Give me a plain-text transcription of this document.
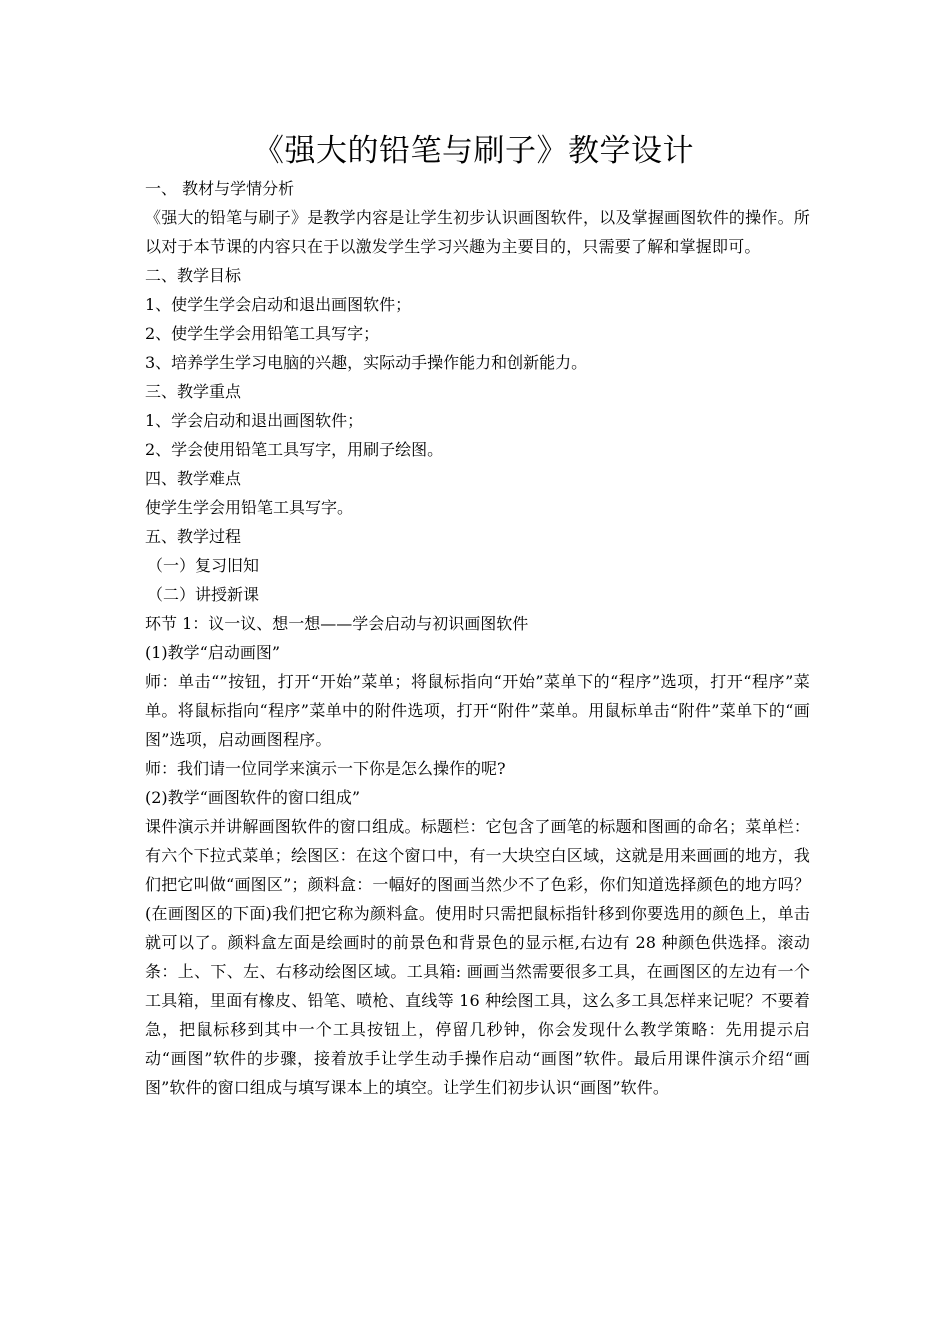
《强大的铅笔与刷子》教学设计

一、 教材与学情分析

《强大的铅笔与刷子》是教学内容是让学生初步认识画图软件，以及掌握画图软件的操作。所以对于本节课的内容只在于以激发学生学习兴趣为主要目的，只需要了解和掌握即可。

二、教学目标

1、使学生学会启动和退出画图软件；

2、使学生学会用铅笔工具写字；

3、培养学生学习电脑的兴趣，实际动手操作能力和创新能力。

三、教学重点

1、学会启动和退出画图软件；

2、学会使用铅笔工具写字，用刷子绘图。

四、教学难点

使学生学会用铅笔工具写字。

五、教学过程

（一）复习旧知

（二）讲授新课

环节 1：议一议、想一想——学会启动与初识画图软件

(1)教学“启动画图”

师：单击“”按钮，打开“开始”菜单；将鼠标指向“开始”菜单下的“程序”选项，打开“程序”菜单。将鼠标指向“程序”菜单中的附件选项，打开“附件”菜单。用鼠标单击“附件”菜单下的“画图”选项，启动画图程序。

师：我们请一位同学来演示一下你是怎么操作的呢?

(2)教学“画图软件的窗口组成”

课件演示并讲解画图软件的窗口组成。标题栏：它包含了画笔的标题和图画的命名；菜单栏：有六个下拉式菜单；绘图区：在这个窗口中，有一大块空白区域，这就是用来画画的地方，我们把它叫做“画图区”；颜料盒：一幅好的图画当然少不了色彩，你们知道选择颜色的地方吗？(在画图区的下面)我们把它称为颜料盒。使用时只需把鼠标指针移到你要选用的颜色上，单击就可以了。颜料盒左面是绘画时的前景色和背景色的显示框,右边有 28 种颜色供选择。滚动条：上、下、左、右移动绘图区域。工具箱: 画画当然需要很多工具，在画图区的左边有一个工具箱，里面有橡皮、铅笔、喷枪、直线等 16 种绘图工具，这么多工具怎样来记呢？不要着急，把鼠标移到其中一个工具按钮上，停留几秒钟，你会发现什么教学策略：先用提示启动“画图”软件的步骤，接着放手让学生动手操作启动“画图”软件。最后用课件演示介绍“画图”软件的窗口组成与填写课本上的填空。让学生们初步认识“画图”软件。
